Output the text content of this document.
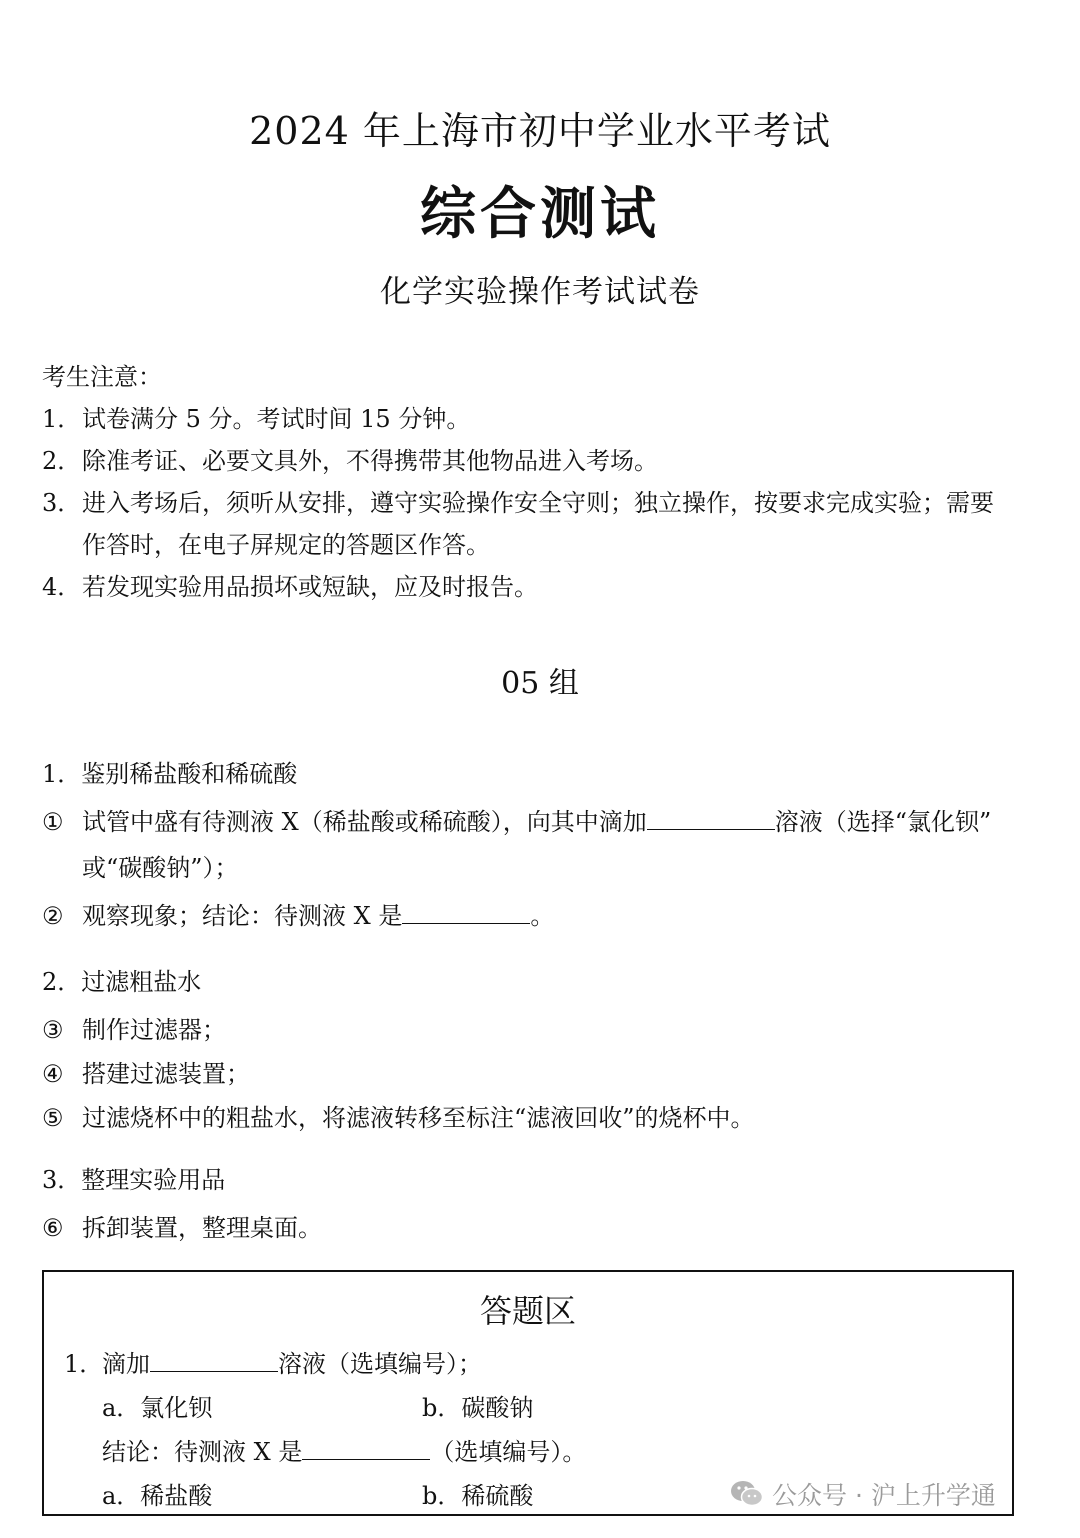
2024 年上海市初中学业水平考试
综合测试
化学实验操作考试试卷
考生注意：
1．试卷满分 5 分。考试时间 15 分钟。
2．除准考证、必要文具外，不得携带其他物品进入考场。
3．进入考场后，须听从安排，遵守实验操作安全守则；独立操作，按要求完成实验；需要
作答时，在电子屏规定的答题区作答。
4．若发现实验用品损坏或短缺，应及时报告。
05 组
1．鉴别稀盐酸和稀硫酸
① 试管中盛有待测液 X（稀盐酸或稀硫酸），向其中滴加	溶液（选择“氯化钡”
或“碳酸钠”）；
② 观察现象；结论：待测液 X 是	。
2．过滤粗盐水
③ 制作过滤器；
④ 搭建过滤装置；
⑤ 过滤烧杯中的粗盐水，将滤液转移至标注“滤液回收”的烧杯中。
3．整理实验用品
⑥ 拆卸装置，整理桌面。
答题区
1．滴加	溶液（选填编号）；
a．氯化钡	b．碳酸钠
结论：待测液 X 是	（选填编号）。
a．稀盐酸	b．稀硫酸	公众号 · 沪上升学通
